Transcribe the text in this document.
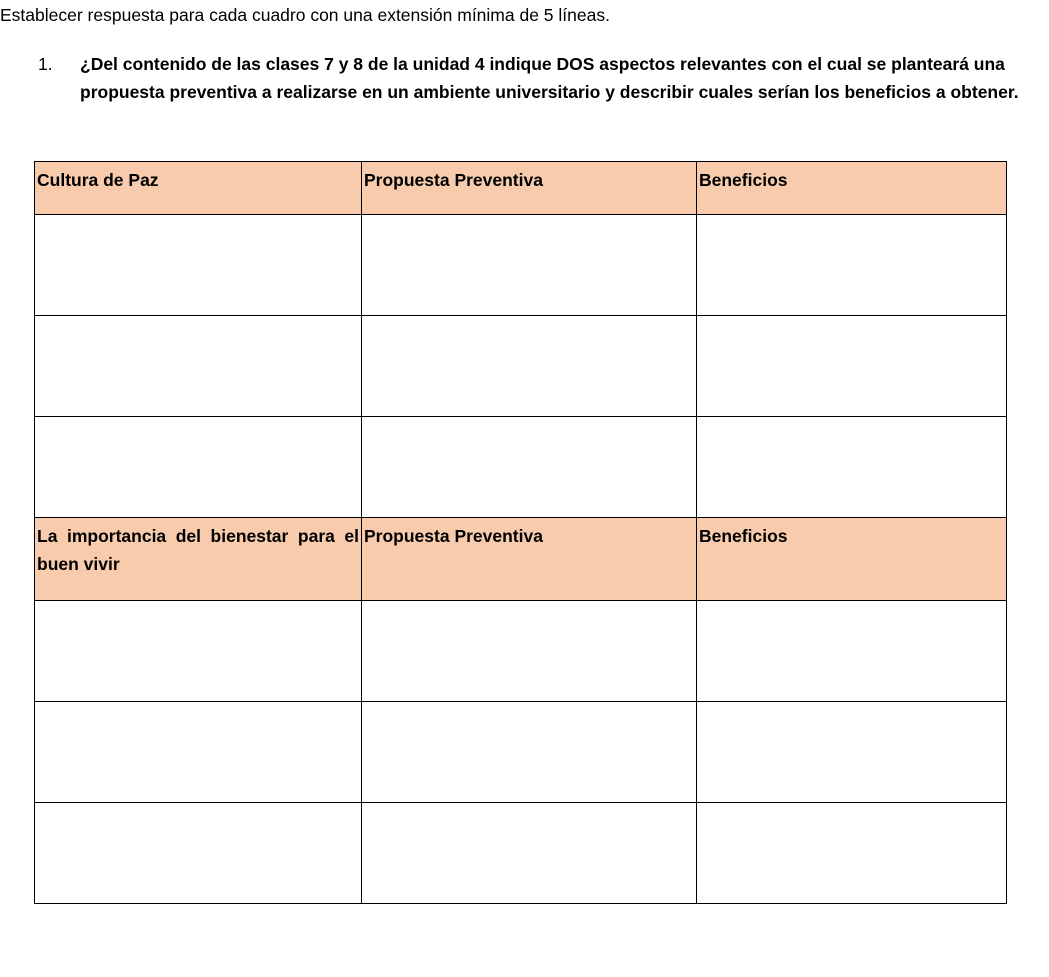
Establecer respuesta para cada cuadro con una extensión mínima de 5 líneas.
1. ¿Del contenido de las clases 7 y 8 de la unidad 4 indique DOS aspectos relevantes con el cual se planteará una propuesta preventiva a realizarse en un ambiente universitario y describir cuales serían los beneficios a obtener.
Cultura de Paz	Propuesta Preventiva	Beneficios

La importancia del bienestar para el buen vivir	Propuesta Preventiva	Beneficios
